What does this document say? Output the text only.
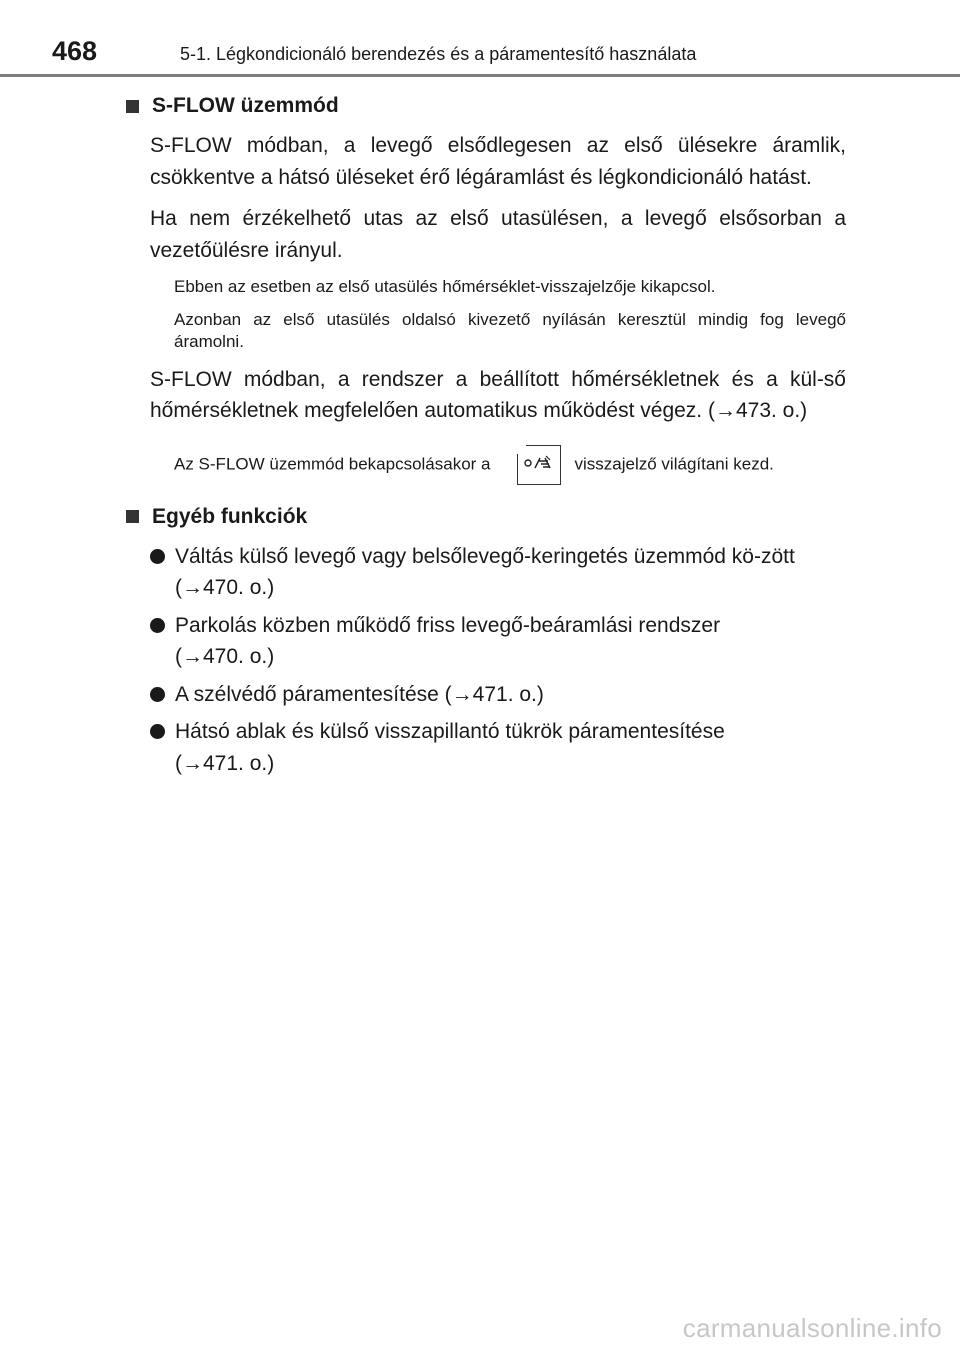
468	5-1. Légkondicionáló berendezés és a páramentesítő használata
S-FLOW üzemmód

S-FLOW módban, a levegő elsődlegesen az első ülésekre áramlik, csökkentve a hátsó üléseket érő légáramlást és légkondicionáló hatást.

Ha nem érzékelhető utas az első utasülésen, a levegő elsősorban a vezetőülésre irányul.

Ebben az esetben az első utasülés hőmérséklet-visszajelzője kikapcsol.

Azonban az első utasülés oldalsó kivezető nyílásán keresztül mindig fog levegő áramolni.

S-FLOW módban, a rendszer a beállított hőmérsékletnek és a kül-ső hőmérsékletnek megfelelően automatikus működést végez. (→473. o.)

Az S-FLOW üzemmód bekapcsolásakor a	visszajelző világítani kezd.

Egyéb funkciók
Váltás külső levegő vagy belsőlevegő-keringetés üzemmód kö-zött
(→470. o.)
Parkolás közben működő friss levegő-beáramlási rendszer
(→470. o.)
A szélvédő páramentesítése (→471. o.)
Hátsó ablak és külső visszapillantó tükrök páramentesítése
(→471. o.)
carmanualsonline.info
